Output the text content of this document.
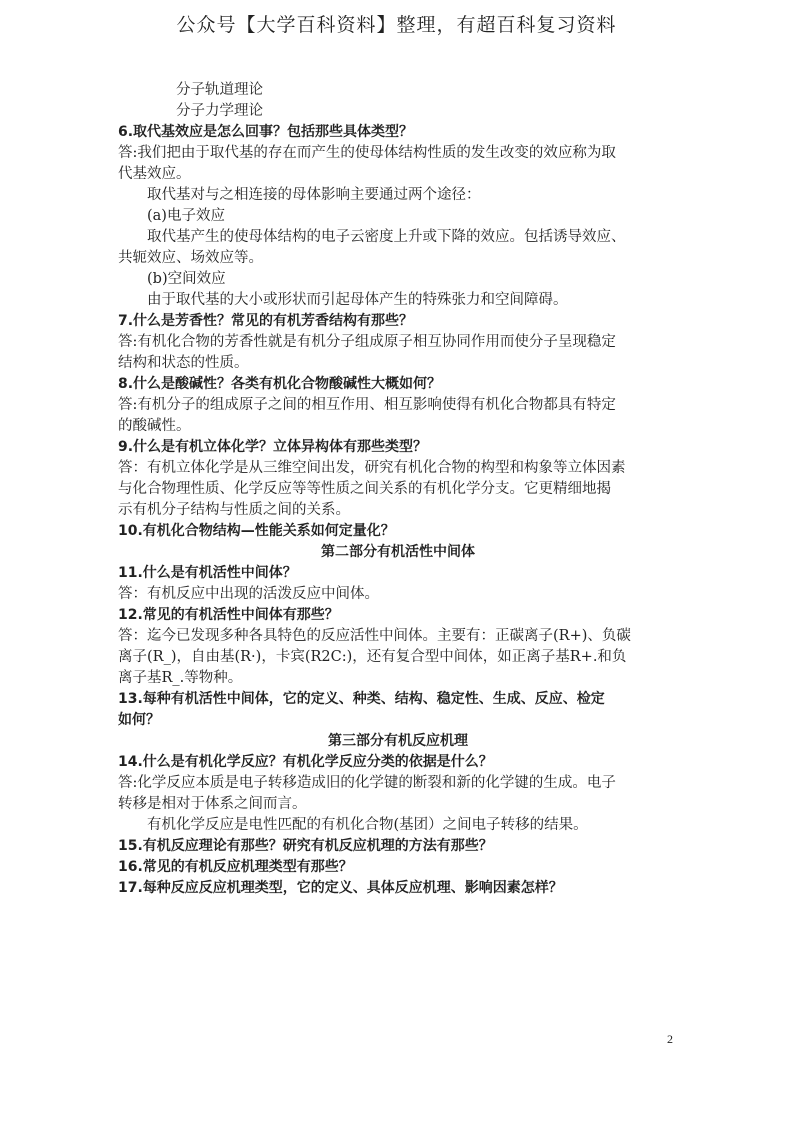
公众号【大学百科资料】整理，有超百科复习资料
分子轨道理论
分子力学理论
6.取代基效应是怎么回事？包括那些具体类型？
答:我们把由于取代基的存在而产生的使母体结构性质的发生改变的效应称为取
代基效应。
取代基对与之相连接的母体影响主要通过两个途径：
(a)电子效应
取代基产生的使母体结构的电子云密度上升或下降的效应。包括诱导效应、
共轭效应、场效应等。
(b)空间效应
由于取代基的大小或形状而引起母体产生的特殊张力和空间障碍。
7.什么是芳香性？常见的有机芳香结构有那些？
答:有机化合物的芳香性就是有机分子组成原子相互协同作用而使分子呈现稳定
结构和状态的性质。
8.什么是酸碱性？各类有机化合物酸碱性大概如何？
答:有机分子的组成原子之间的相互作用、相互影响使得有机化合物都具有特定
的酸碱性。
9.什么是有机立体化学？立体异构体有那些类型？
答：有机立体化学是从三维空间出发，研究有机化合物的构型和构象等立体因素
与化合物理性质、化学反应等等性质之间关系的有机化学分支。它更精细地揭
示有机分子结构与性质之间的关系。
10.有机化合物结构—性能关系如何定量化？
第二部分有机活性中间体
11.什么是有机活性中间体？
答：有机反应中出现的活泼反应中间体。
12.常见的有机活性中间体有那些？
答：迄今已发现多种各具特色的反应活性中间体。主要有：正碳离子(R+)、负碳
离子(R_)，自由基(R·)，卡宾(R2C:)，还有复合型中间体，如正离子基R+.和负
离子基R_.等物种。
13.每种有机活性中间体，它的定义、种类、结构、稳定性、生成、反应、检定
如何？
第三部分有机反应机理
14.什么是有机化学反应？有机化学反应分类的依据是什么？
答:化学反应本质是电子转移造成旧的化学键的断裂和新的化学键的生成。电子
转移是相对于体系之间而言。
有机化学反应是电性匹配的有机化合物(基团）之间电子转移的结果。
15.有机反应理论有那些？研究有机反应机理的方法有那些？
16.常见的有机反应机理类型有那些？
17.每种反应反应机理类型，它的定义、具体反应机理、影响因素怎样？
2
